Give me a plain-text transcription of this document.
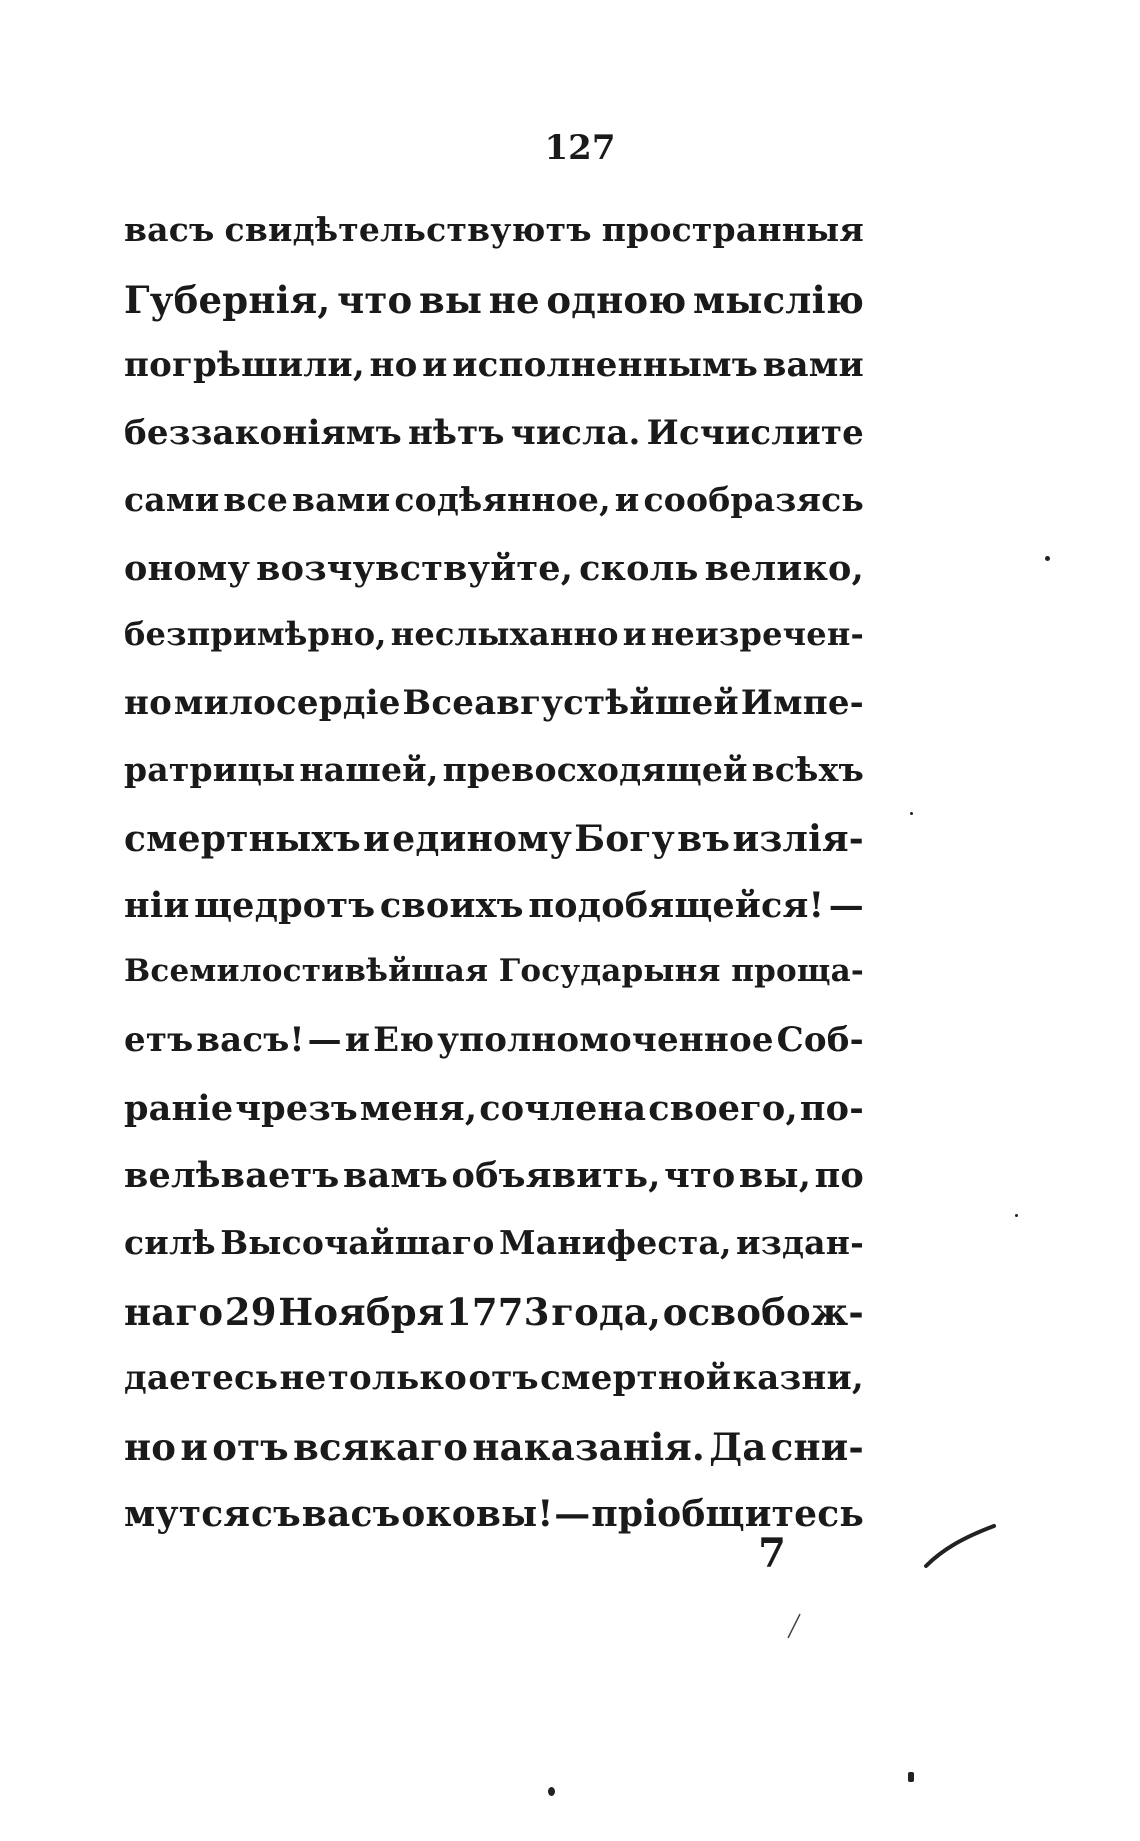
127
васъ свидѣтельствуютъ пространныя
Губернія, что вы не одною мыслію
погрѣшили, но и исполненнымъ вами
беззаконіямъ нѣтъ числа. Исчислите
сами все вами содѣянное, и сообразясь
оному возчувствуйте, сколь велико,
безпримѣрно, неслыханно и неизречен-
но милосердіе Всеавгустѣйшей Импе-
ратрицы нашей, превосходящей всѣхъ
смертныхъ и единому Богу въ излія-
ніи щедротъ своихъ подобящейся! —
Всемилостивѣйшая Государыня проща-
етъ васъ! — и Ею уполномоченное Соб-
раніе чрезъ меня, сочлена своего, по-
велѣваетъ вамъ объявить, что вы, по
силѣ Высочайшаго Манифеста, издан-
наго 29 Ноября 1773 года, освобож-
даетесь не только отъ смертной казни,
но и отъ всякаго наказанія. Да сни-
мутся съ васъ оковы! — пріобщитесь
7
